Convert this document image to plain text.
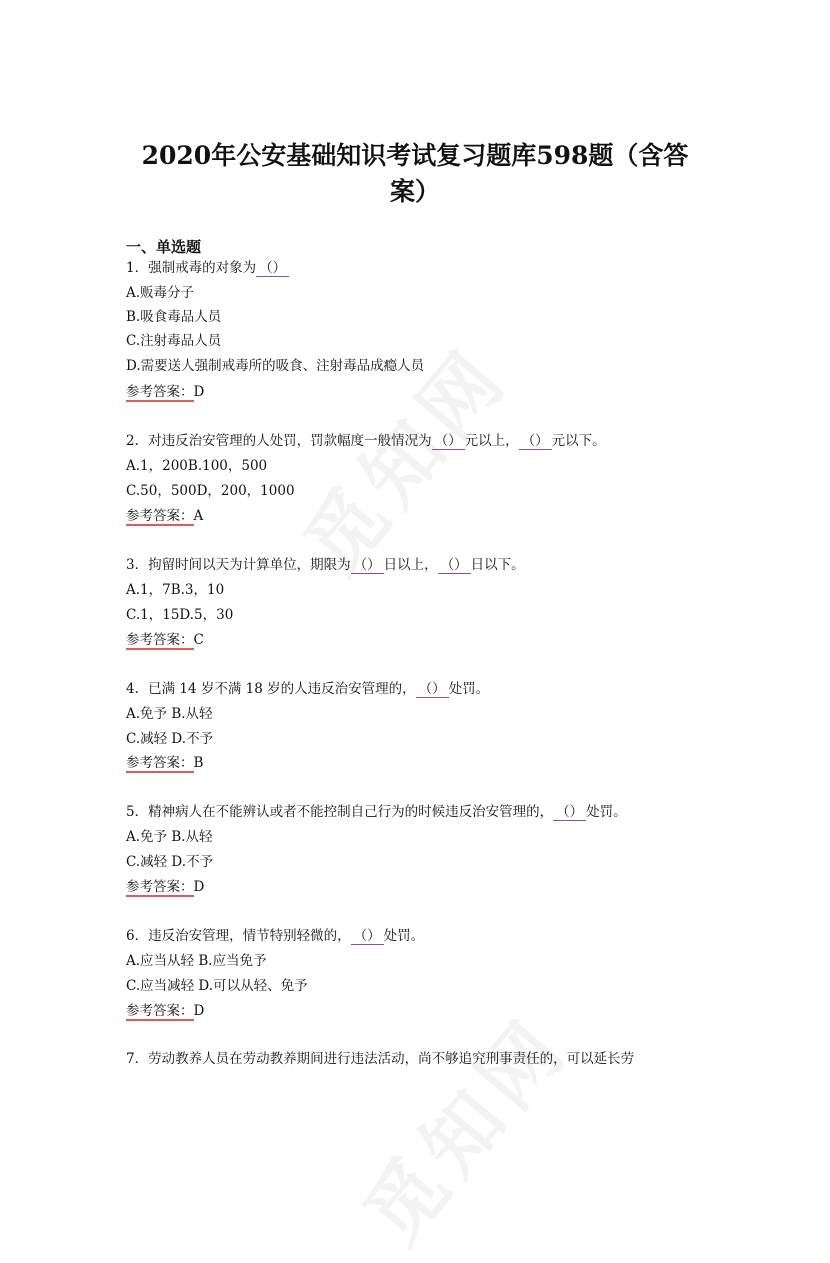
2020年公安基础知识考试复习题库598题（含答
案）
一、单选题
1．强制戒毒的对象为 （）
A.贩毒分子
B.吸食毒品人员
C.注射毒品人员
D.需要送人强制戒毒所的吸食、注射毒品成瘾人员
参考答案：D
2．对违反治安管理的人处罚，罚款幅度一般情况为 （） 元以上， （） 元以下。
A.1，200B.100，500
C.50，500D，200，1000
参考答案：A
3．拘留时间以天为计算单位，期限为 （） 日以上， （） 日以下。
A.1，7B.3，10
C.1，15D.5，30
参考答案：C
4．已满 14 岁不满 18 岁的人违反治安管理的， （） 处罚。
A.免予 B.从轻
C.减轻 D.不予
参考答案：B
5．精神病人在不能辨认或者不能控制自己行为的时候违反治安管理的， （） 处罚。
A.免予 B.从轻
C.减轻 D.不予
参考答案：D
6．违反治安管理，情节特别轻微的， （） 处罚。
A.应当从轻 B.应当免予
C.应当减轻 D.可以从轻、免予
参考答案：D
7．劳动教养人员在劳动教养期间进行违法活动，尚不够追究刑事责任的，可以延长劳
